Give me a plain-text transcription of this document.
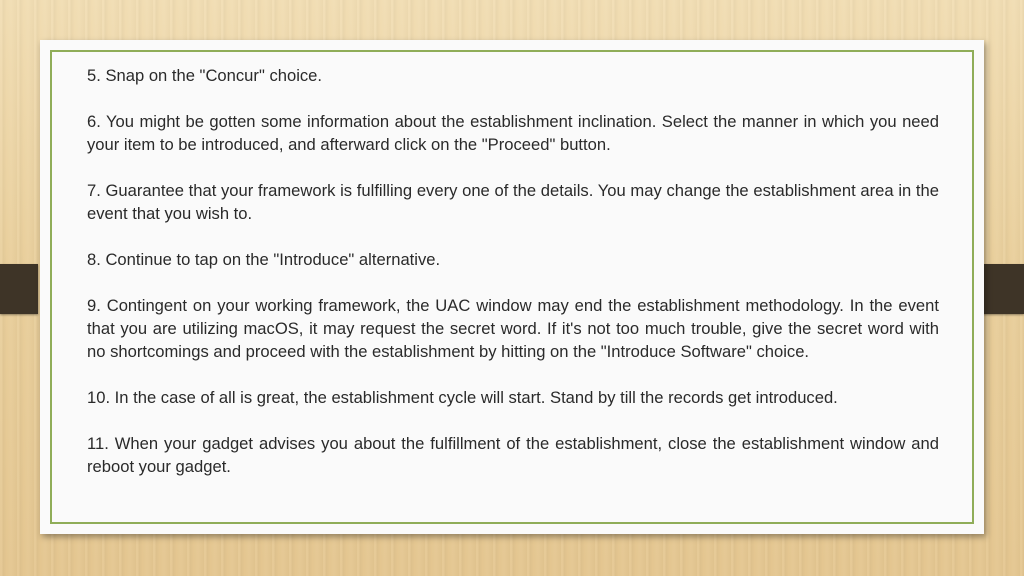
5. Snap on the "Concur" choice.

6. You might be gotten some information about the establishment inclination. Select the manner in which you need your item to be introduced, and afterward click on the "Proceed" button.

7. Guarantee that your framework is fulfilling every one of the details. You may change the establishment area in the event that you wish to.

8. Continue to tap on the "Introduce" alternative.

9. Contingent on your working framework, the UAC window may end the establishment methodology. In the event that you are utilizing macOS, it may request the secret word. If it's not too much trouble, give the secret word with no shortcomings and proceed with the establishment by hitting on the "Introduce Software" choice.

10. In the case of all is great, the establishment cycle will start. Stand by till the records get introduced.

11. When your gadget advises you about the fulfillment of the establishment, close the establishment window and reboot your gadget.
